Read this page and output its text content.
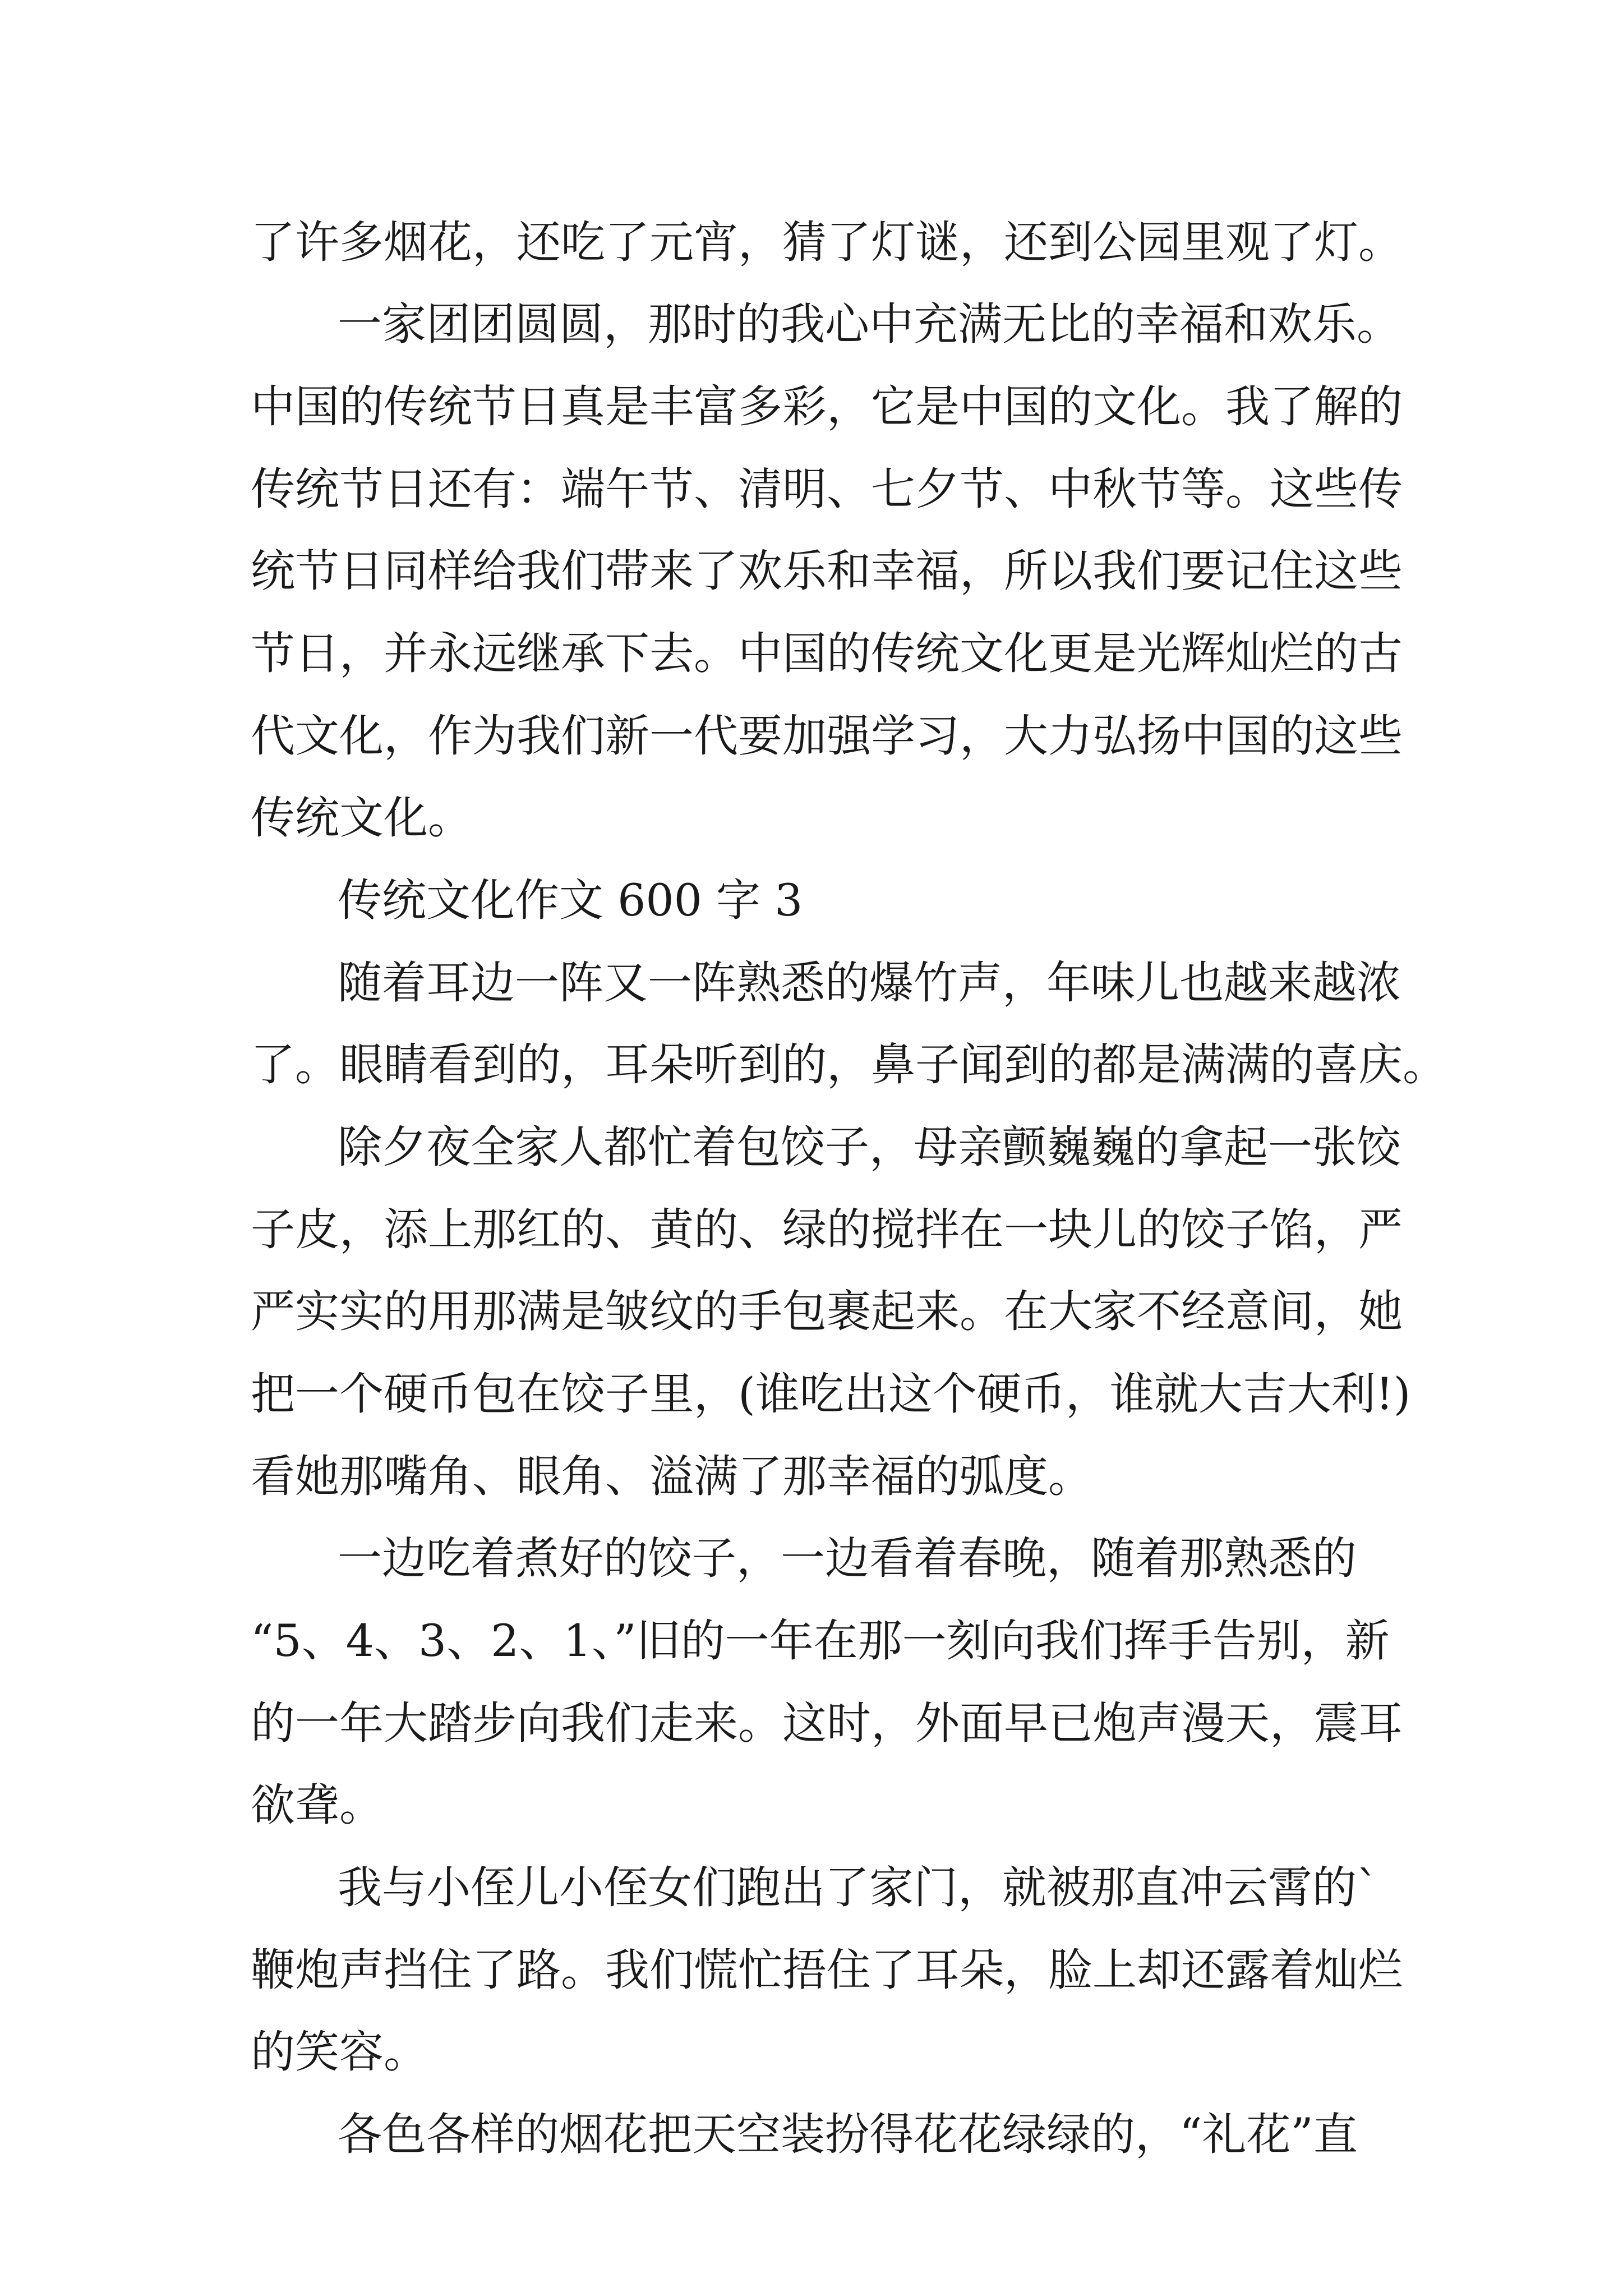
了许多烟花，还吃了元宵，猜了灯谜，还到公园里观了灯。
一家团团圆圆，那时的我心中充满无比的幸福和欢乐。
中国的传统节日真是丰富多彩，它是中国的文化。我了解的
传统节日还有：端午节、清明、七夕节、中秋节等。这些传
统节日同样给我们带来了欢乐和幸福，所以我们要记住这些
节日，并永远继承下去。中国的传统文化更是光辉灿烂的古
代文化，作为我们新一代要加强学习，大力弘扬中国的这些
传统文化。
传统文化作文 600 字 3
随着耳边一阵又一阵熟悉的爆竹声，年味儿也越来越浓
了。眼睛看到的，耳朵听到的，鼻子闻到的都是满满的喜庆。
除夕夜全家人都忙着包饺子，母亲颤巍巍的拿起一张饺
子皮，添上那红的、黄的、绿的搅拌在一块儿的饺子馅，严
严实实的用那满是皱纹的手包裹起来。在大家不经意间，她
把一个硬币包在饺子里，(谁吃出这个硬币，谁就大吉大利!)
看她那嘴角、眼角、溢满了那幸福的弧度。
一边吃着煮好的饺子，一边看着春晚，随着那熟悉的
“5、4、3、2、1、”旧的一年在那一刻向我们挥手告别，新
的一年大踏步向我们走来。这时，外面早已炮声漫天，震耳
欲聋。
我与小侄儿小侄女们跑出了家门，就被那直冲云霄的`
鞭炮声挡住了路。我们慌忙捂住了耳朵，脸上却还露着灿烂
的笑容。
各色各样的烟花把天空装扮得花花绿绿的，“礼花”直
